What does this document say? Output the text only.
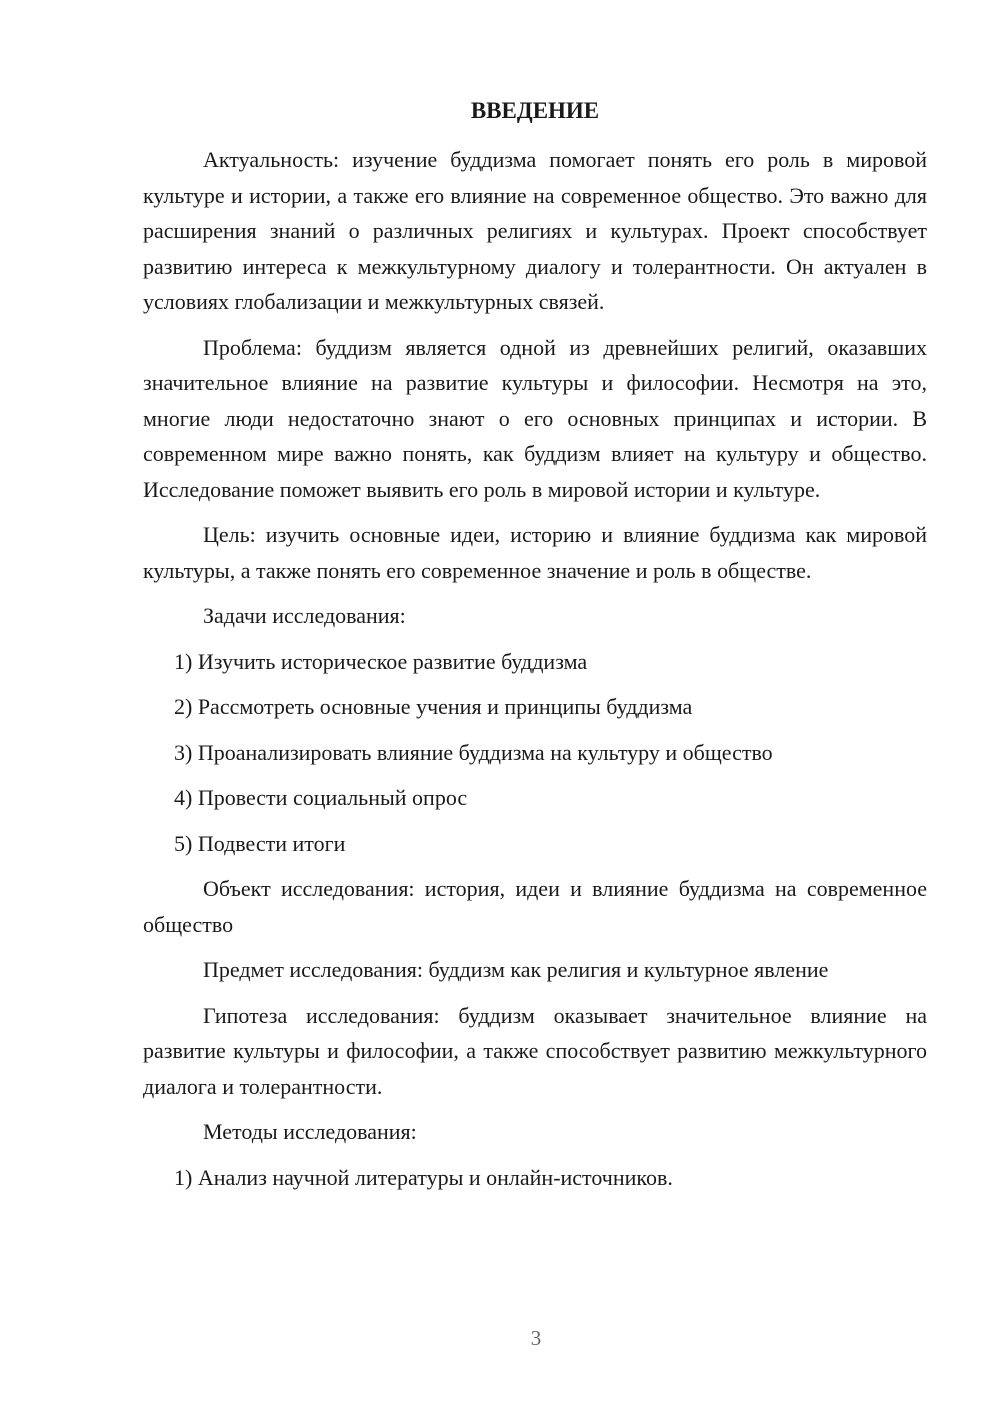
ВВЕДЕНИЕ

Актуальность: изучение буддизма помогает понять его роль в мировой культуре и истории, а также его влияние на современное общество. Это важно для расширения знаний о различных религиях и культурах. Проект способствует развитию интереса к межкультурному диалогу и толерантности. Он актуален в условиях глобализации и межкультурных связей.

Проблема: буддизм является одной из древнейших религий, оказавших значительное влияние на развитие культуры и философии. Несмотря на это, многие люди недостаточно знают о его основных принципах и истории. В современном мире важно понять, как буддизм влияет на культуру и общество. Исследование поможет выявить его роль в мировой истории и культуре.

Цель: изучить основные идеи, историю и влияние буддизма как мировой культуры, а также понять его современное значение и роль в обществе.

Задачи исследования:

1) Изучить историческое развитие буддизма

2) Рассмотреть основные учения и принципы буддизма

3) Проанализировать влияние буддизма на культуру и общество

4) Провести социальный опрос

5) Подвести итоги

Объект исследования: история, идеи и влияние буддизма на современное общество

Предмет исследования: буддизм как религия и культурное явление

Гипотеза исследования: буддизм оказывает значительное влияние на развитие культуры и философии, а также способствует развитию межкультурного диалога и толерантности.

Методы исследования:

1) Анализ научной литературы и онлайн-источников.

3
